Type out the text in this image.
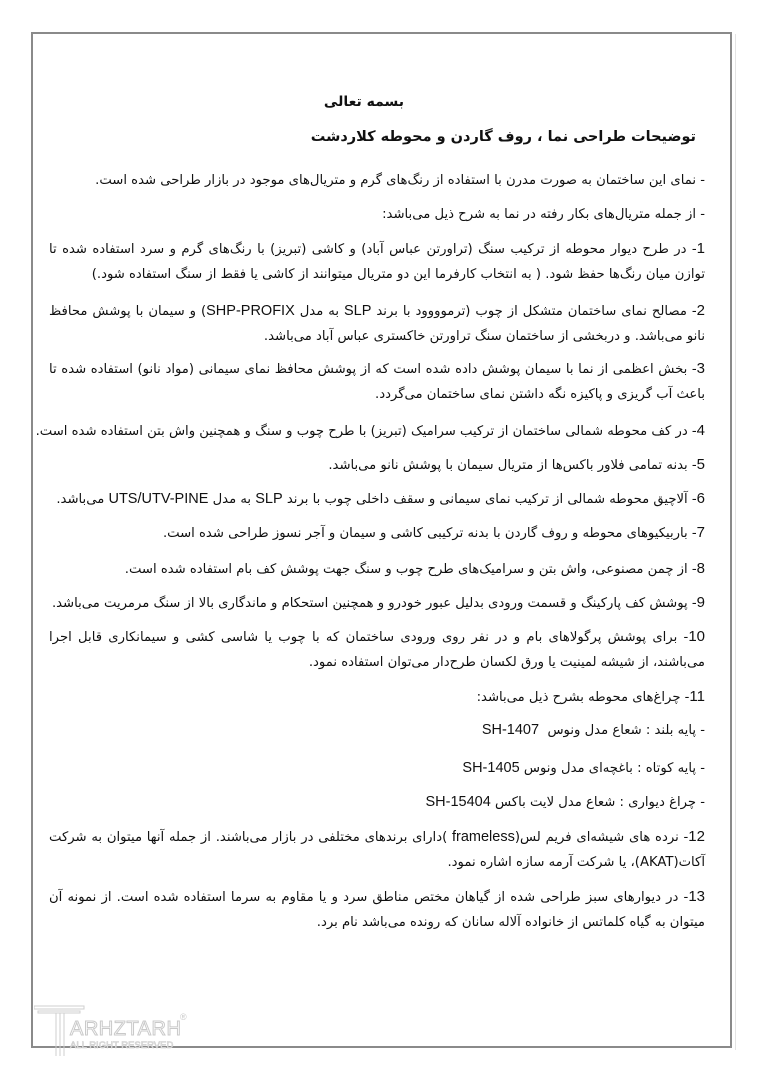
بسمه تعالی
توضیحات طراحی نما ، روف گاردن و محوطه کلاردشت
- نمای این ساختمان به صورت مدرن با استفاده از رنگ‌های گرم و متریال‌های موجود در بازار طراحی شده است.
- از جمله متریال‌های بکار رفته در نما به شرح ذیل می‌باشد:
1- در طرح دیوار محوطه از ترکیب سنگ (تراورتن عباس آباد) و کاشی (تبریز) با رنگ‌های گرم و سرد استفاده شده تا توازن میان رنگ‌ها حفظ شود. ( به انتخاب کارفرما این دو متریال میتوانند از کاشی یا فقط از سنگ استفاده شود.)
2- مصالح نمای ساختمان متشکل از چوب (ترموووود با برند SLP به مدل SHP-PROFIX) و سیمان با پوشش محافظ نانو می‌باشد. و دربخشی از ساختمان سنگ تراورتن خاکستری عباس آباد می‌باشد.
3- بخش اعظمی از نما با سیمان پوشش داده شده است که از پوشش محافظ نمای سیمانی (مواد نانو) استفاده شده تا باعث آب گریزی و پاکیزه نگه داشتن نمای ساختمان می‌گردد.
4- در کف محوطه شمالی ساختمان از ترکیب سرامیک (تبریز) با طرح چوب و سنگ و همچنین واش بتن استفاده شده است.
5- بدنه تمامی فلاور باکس‌ها از متریال سیمان با پوشش نانو می‌باشد.
6- آلاچیق محوطه شمالی از ترکیب نمای سیمانی و سقف داخلی چوب با برند SLP به مدل UTS/UTV-PINE می‌باشد.
7- باربیکیوهای محوطه و روف گاردن با بدنه ترکیبی کاشی و سیمان و آجر نسوز طراحی شده است.
8- از چمن مصنوعی، واش بتن و سرامیک‌های طرح چوب و سنگ جهت پوشش کف بام استفاده شده است.
9- پوشش کف پارکینگ و قسمت ورودی بدلیل عبور خودرو و همچنین استحکام و ماندگاری بالا از سنگ مرمریت می‌باشد.
10- برای پوشش پرگولاهای بام و در نفر روی ورودی ساختمان که با چوب یا شاسی کشی و سیمانکاری قابل اجرا می‌باشند، از شیشه لمینیت یا ورق لکسان طرح‌دار می‌توان استفاده نمود.
11- چراغ‌های محوطه بشرح ذیل می‌باشد:
- پایه بلند : شعاع مدل ونوس  SH-1407
- پایه کوتاه : باغچه‌ای مدل ونوس SH-1405
- چراغ دیواری : شعاع مدل لایت باکس SH-15404
12- نرده های شیشه‌ای فریم لس(frameless )دارای برندهای مختلفی در بازار می‌باشند. از جمله آنها میتوان به شرکت آکات(AKAT)، یا شرکت آرمه سازه اشاره نمود.
13- در دیوارهای سبز طراحی شده از گیاهان مختص مناطق سرد و یا مقاوم به سرما استفاده شده است. از نمونه آن میتوان به گیاه کلماتس از خانواده آلاله سانان که رونده می‌باشد نام برد.
ARHZTARH
ALL RIGHT RESERVED
®
